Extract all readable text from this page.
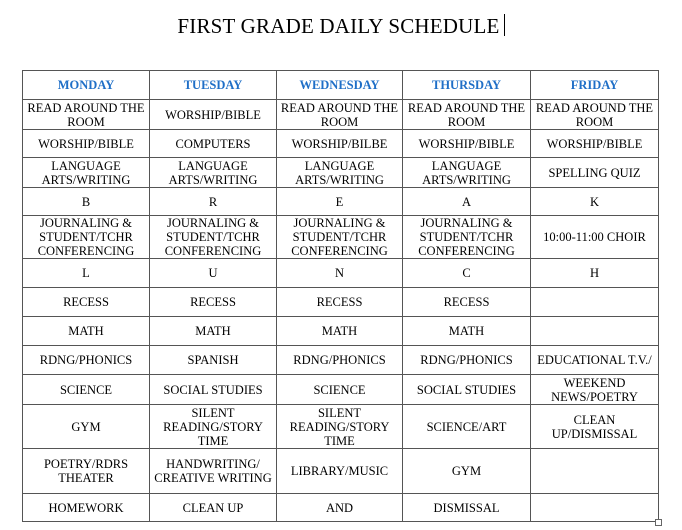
FIRST GRADE DAILY SCHEDULE
MONDAY	TUESDAY	WEDNESDAY	THURSDAY	FRIDAY
READ AROUND THE ROOM	WORSHIP/BIBLE	READ AROUND THE ROOM	READ AROUND THE ROOM	READ AROUND THE ROOM
WORSHIP/BIBLE	COMPUTERS	WORSHIP/BILBE	WORSHIP/BIBLE	WORSHIP/BIBLE
LANGUAGE ARTS/WRITING	LANGUAGE ARTS/WRITING	LANGUAGE ARTS/WRITING	LANGUAGE ARTS/WRITING	SPELLING QUIZ
B	R	E	A	K
JOURNALING & STUDENT/TCHR CONFERENCING	JOURNALING & STUDENT/TCHR CONFERENCING	JOURNALING & STUDENT/TCHR CONFERENCING	JOURNALING & STUDENT/TCHR CONFERENCING	10:00-11:00 CHOIR
L	U	N	C	H
RECESS	RECESS	RECESS	RECESS	
MATH	MATH	MATH	MATH	
RDNG/PHONICS	SPANISH	RDNG/PHONICS	RDNG/PHONICS	EDUCATIONAL T.V./
SCIENCE	SOCIAL STUDIES	SCIENCE	SOCIAL STUDIES	WEEKEND NEWS/POETRY
GYM	SILENT READING/STORY TIME	SILENT READING/STORY TIME	SCIENCE/ART	CLEAN UP/DISMISSAL
POETRY/RDRS THEATER	HANDWRITING/ CREATIVE WRITING	LIBRARY/MUSIC	GYM	
HOMEWORK	CLEAN UP	AND	DISMISSAL	
